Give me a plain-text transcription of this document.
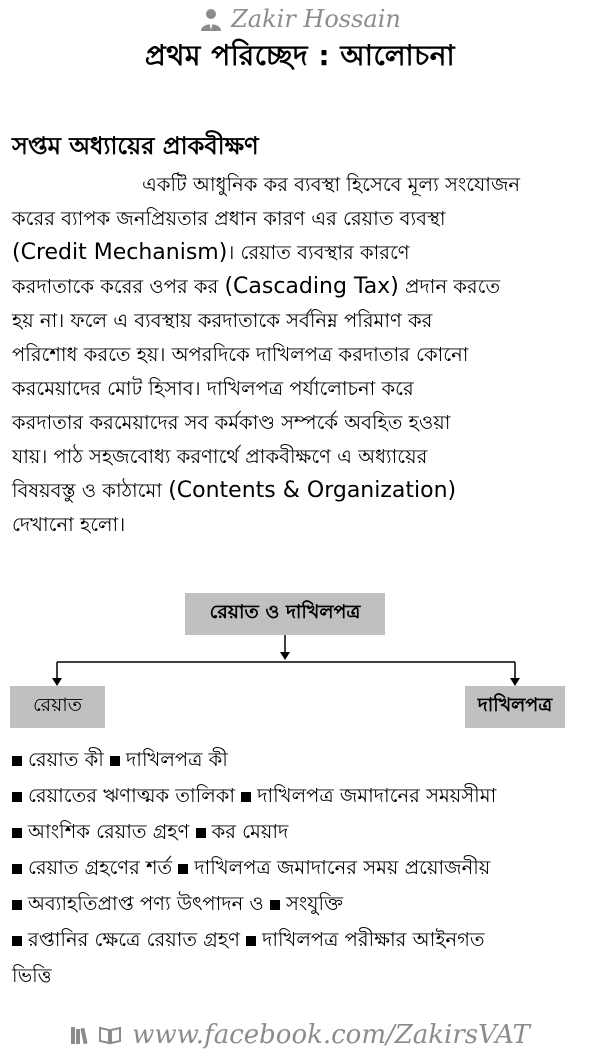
Zakir Hossain
প্রথম পরিচ্ছেদ : আলোচনা
সপ্তম অধ্যায়ের প্রাকবীক্ষণ
একটি আধুনিক কর ব্যবস্থা হিসেবে মূল্য সংযোজন
করের ব্যাপক জনপ্রিয়তার প্রধান কারণ এর রেয়াত ব্যবস্থা
(Credit Mechanism)। রেয়াত ব্যবস্থার কারণে
করদাতাকে করের ওপর কর (Cascading Tax) প্রদান করতে
হয় না। ফলে এ ব্যবস্থায় করদাতাকে সর্বনিম্ন পরিমাণ কর
পরিশোধ করতে হয়। অপরদিকে দাখিলপত্র করদাতার কোনো
করমেয়াদের মোট হিসাব। দাখিলপত্র পর্যালোচনা করে
করদাতার করমেয়াদের সব কর্মকাণ্ড সম্পর্কে অবহিত হওয়া
যায়। পাঠ সহজবোধ্য করণার্থে প্রাকবীক্ষণে এ অধ্যায়ের
বিষয়বস্তু ও কাঠামো (Contents & Organization)
দেখানো হলো।
রেয়াত ও দাখিলপত্র
রেয়াত	দাখিলপত্র
রেয়াত কী দাখিলপত্র কী
রেয়াতের ঋণাত্মক তালিকা দাখিলপত্র জমাদানের সময়সীমা
আংশিক রেয়াত গ্রহণ কর মেয়াদ
রেয়াত গ্রহণের শর্ত দাখিলপত্র জমাদানের সময় প্রয়োজনীয়
অব্যাহতিপ্রাপ্ত পণ্য উৎপাদন ও সংযুক্তি
রপ্তানির ক্ষেত্রে রেয়াত গ্রহণ দাখিলপত্র পরীক্ষার আইনগত
ভিত্তি
www.facebook.com/ZakirsVAT
